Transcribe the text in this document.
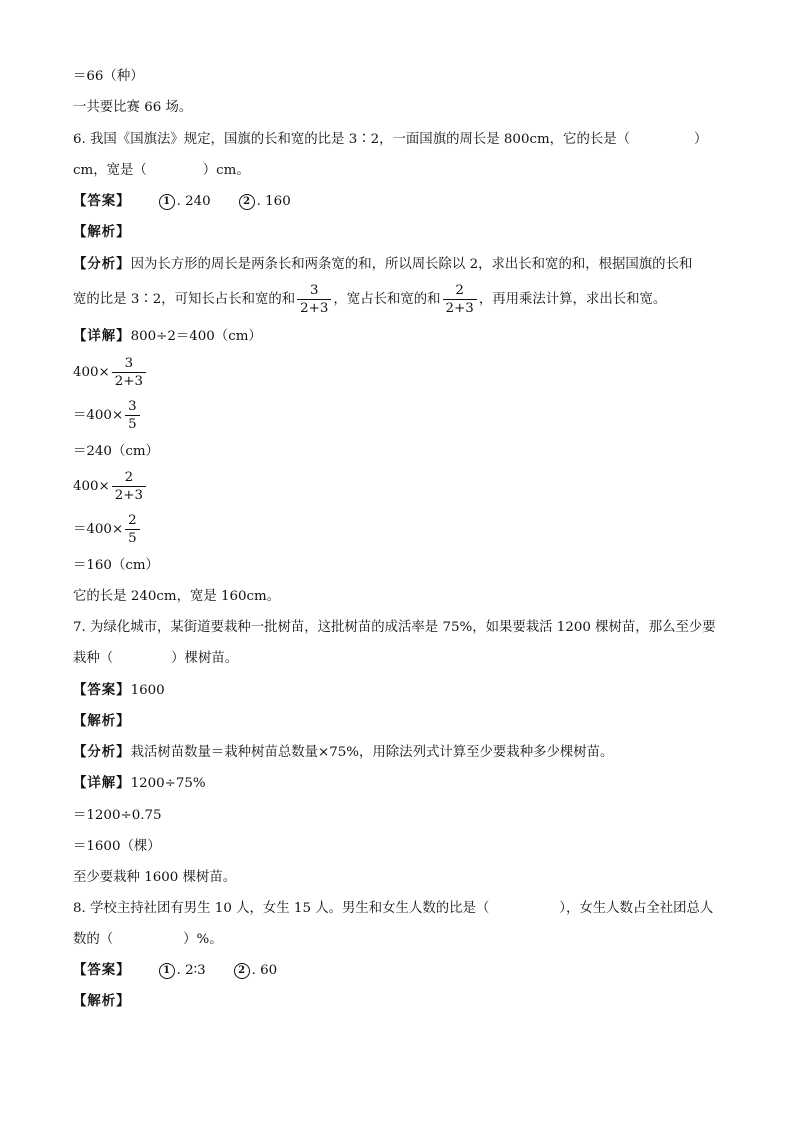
＝66（种）
一共要比赛 66 场。
6. 我国《国旗法》规定，国旗的长和宽的比是 3∶2，一面国旗的周长是 800cm，它的长是（	）
cm，宽是（	）cm。
【答案】	1 . 240	2 . 160
【解析】
【分析】因为长方形的周长是两条长和两条宽的和，所以周长除以 2，求出长和宽的和，根据国旗的长和
宽的比是 3∶2，可知长占长和宽的和 $\frac{3}{2+3}$ ，宽占长和宽的和 $\frac{2}{2+3}$ ，再用乘法计算，求出长和宽。
【详解】800÷2＝400（cm）
$400\times \frac{3}{2+3}$
$=400\times \frac{3}{5}$
＝240（cm）
$400\times \frac{2}{2+3}$
$=400\times \frac{2}{5}$
＝160（cm）
它的长是 240cm，宽是 160cm。
7. 为绿化城市，某街道要栽种一批树苗，这批树苗的成活率是 75%，如果要栽活 1200 棵树苗，那么至少要
栽种（	）棵树苗。
【答案】1600
【解析】
【分析】栽活树苗数量＝栽种树苗总数量×75%，用除法列式计算至少要栽种多少棵树苗。
【详解】1200÷75%
＝1200÷0.75
＝1600（棵）
至少要栽种 1600 棵树苗。
8. 学校主持社团有男生 10 人，女生 15 人。男生和女生人数的比是（	），女生人数占全社团总人
数的（	）%。
【答案】	1 . 2∶3	2 . 60
【解析】
